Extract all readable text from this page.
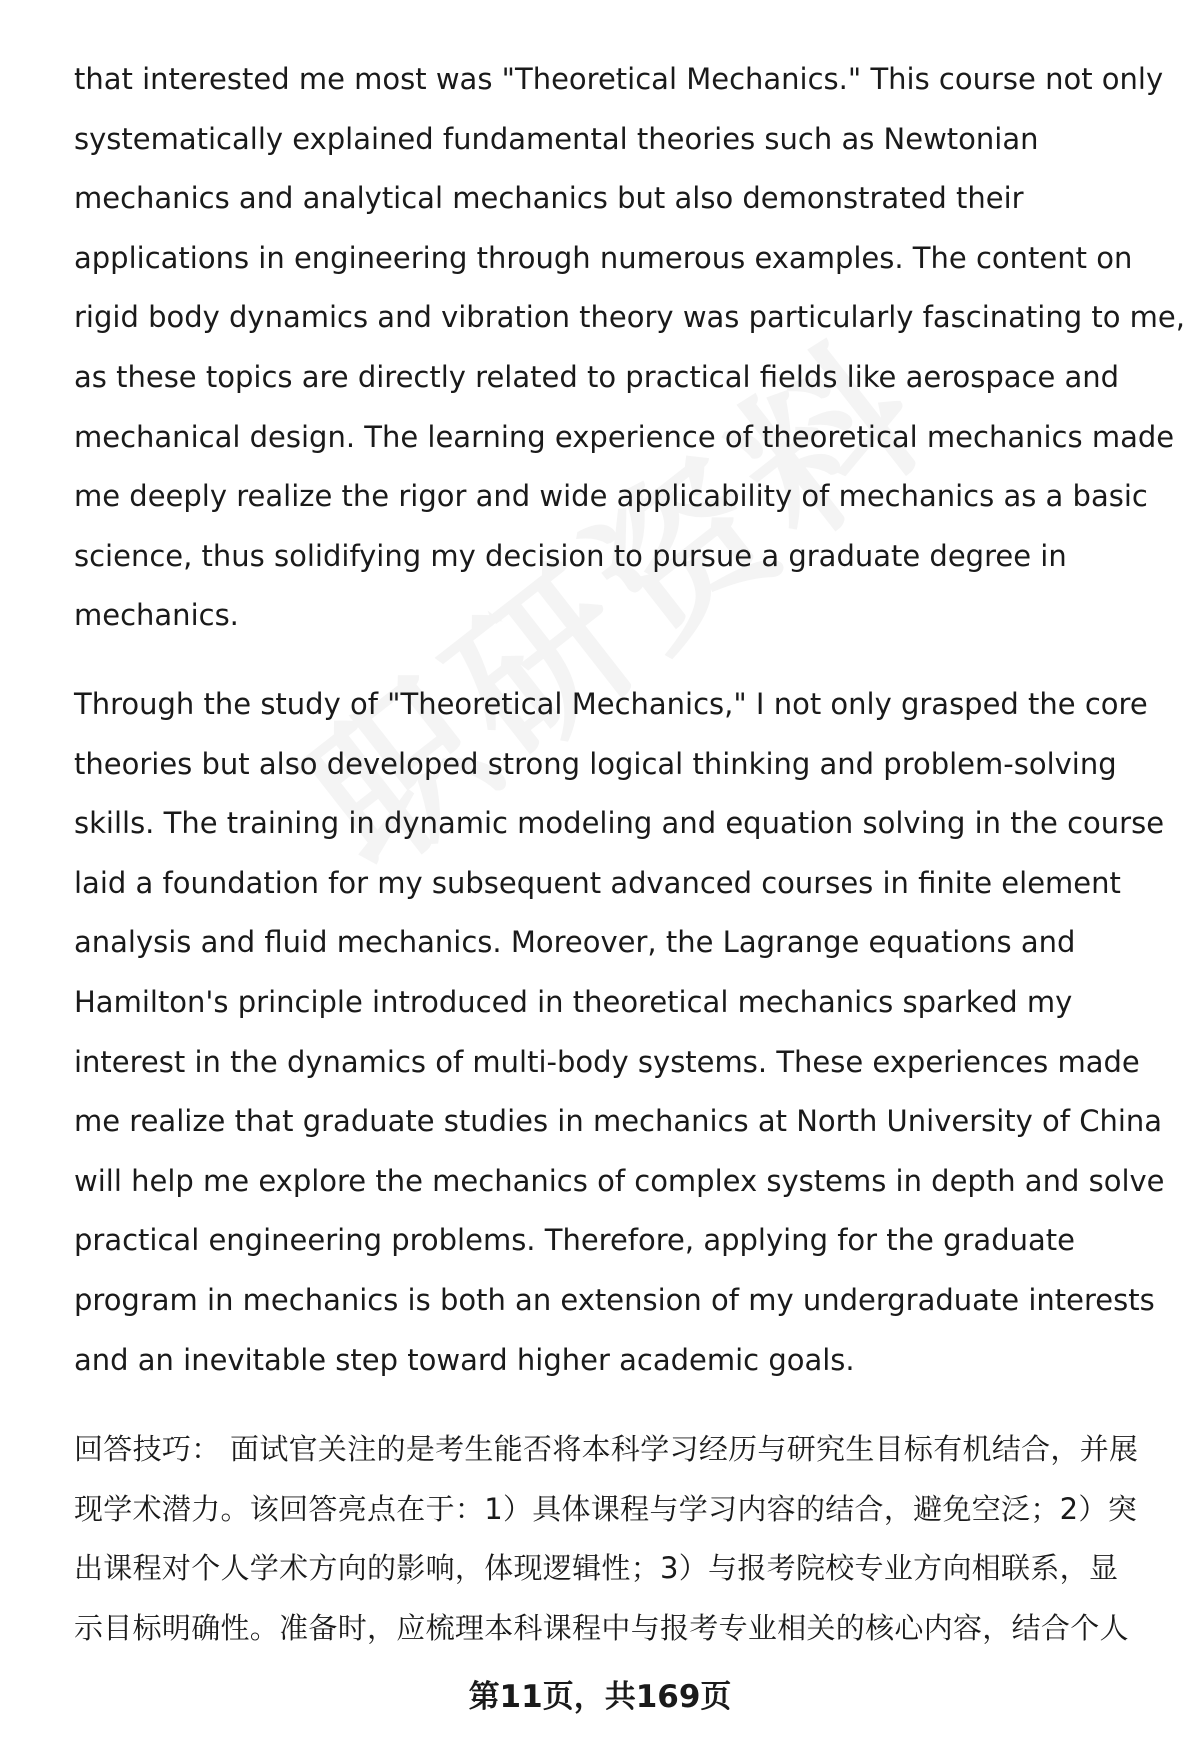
that interested me most was "Theoretical Mechanics." This course not only
systematically explained fundamental theories such as Newtonian
mechanics and analytical mechanics but also demonstrated their
applications in engineering through numerous examples. The content on
rigid body dynamics and vibration theory was particularly fascinating to me,
as these topics are directly related to practical fields like aerospace and
mechanical design. The learning experience of theoretical mechanics made
me deeply realize the rigor and wide applicability of mechanics as a basic
science, thus solidifying my decision to pursue a graduate degree in
mechanics.
Through the study of "Theoretical Mechanics," I not only grasped the core
theories but also developed strong logical thinking and problem-solving
skills. The training in dynamic modeling and equation solving in the course
laid a foundation for my subsequent advanced courses in finite element
analysis and fluid mechanics. Moreover, the Lagrange equations and
Hamilton's principle introduced in theoretical mechanics sparked my
interest in the dynamics of multi-body systems. These experiences made
me realize that graduate studies in mechanics at North University of China
will help me explore the mechanics of complex systems in depth and solve
practical engineering problems. Therefore, applying for the graduate
program in mechanics is both an extension of my undergraduate interests
and an inevitable step toward higher academic goals.
回答技巧： 面试官关注的是考生能否将本科学习经历与研究生目标有机结合，并展
现学术潜力。该回答亮点在于：1）具体课程与学习内容的结合，避免空泛；2）突
出课程对个人学术方向的影响，体现逻辑性；3）与报考院校专业方向相联系，显
示目标明确性。准备时，应梳理本科课程中与报考专业相关的核心内容，结合个人
第11页，共169页
